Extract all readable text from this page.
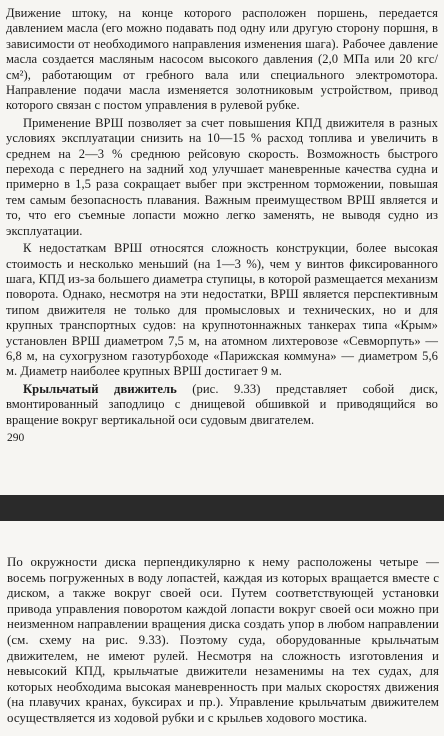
Движение штоку, на конце которого расположен поршень, передается давлением масла (его можно подавать под одну или другую сторону поршня, в зависимости от необходимого направления изменения шага). Рабочее давление масла создается масляным насосом высокого давления (2,0 МПа или 20 кгс/см²), работающим от гребного вала или специального электромотора. Направление подачи масла изменяется золотниковым устройством, привод которого связан с постом управления в рулевой рубке.

Применение ВРШ позволяет за счет повышения КПД движителя в разных условиях эксплуатации снизить на 10—15 % расход топлива и увеличить в среднем на 2—3 % среднюю рейсовую скорость. Возможность быстрого перехода с переднего на задний ход улучшает маневренные качества судна и примерно в 1,5 раза сокращает выбег при экстренном торможении, повышая тем самым безопасность плавания. Важным преимуществом ВРШ является и то, что его съемные лопасти можно легко заменять, не выводя судно из эксплуатации.

К недостаткам ВРШ относятся сложность конструкции, более высокая стоимость и несколько меньший (на 1—3 %), чем у винтов фиксированного шага, КПД из-за большего диаметра ступицы, в которой размещается механизм поворота. Однако, несмотря на эти недостатки, ВРШ является перспективным типом движителя не только для промысловых и технических, но и для крупных транспортных судов: на крупнотоннажных танкерах типа «Крым» установлен ВРШ диаметром 7,5 м, на атомном лихтеровозе «Севморпуть» — 6,8 м, на сухогрузном газотурбоходе «Парижская коммуна» — диаметром 5,6 м. Диаметр наиболее крупных ВРШ достигает 9 м.

Крыльчатый движитель (рис. 9.33) представляет собой диск, вмонтированный заподлицо с днищевой обшивкой и приводящийся во вращение вокруг вертикальной оси судовым двигателем.

290

По окружности диска перпендикулярно к нему расположены четыре — восемь погруженных в воду лопастей, каждая из которых вращается вместе с диском, а также вокруг своей оси. Путем соответствующей установки привода управления поворотом каждой лопасти вокруг своей оси можно при неизменном направлении вращения диска создать упор в любом направлении (см. схему на рис. 9.33). Поэтому суда, оборудованные крыльчатым движителем, не имеют рулей. Несмотря на сложность изготовления и невысокий КПД, крыльчатые движители незаменимы на тех судах, для которых необходима высокая маневренность при малых скоростях движения (на плавучих кранах, буксирах и пр.). Управление крыльчатым движителем осуществляется из ходовой рубки и с крыльев ходового мостика.
